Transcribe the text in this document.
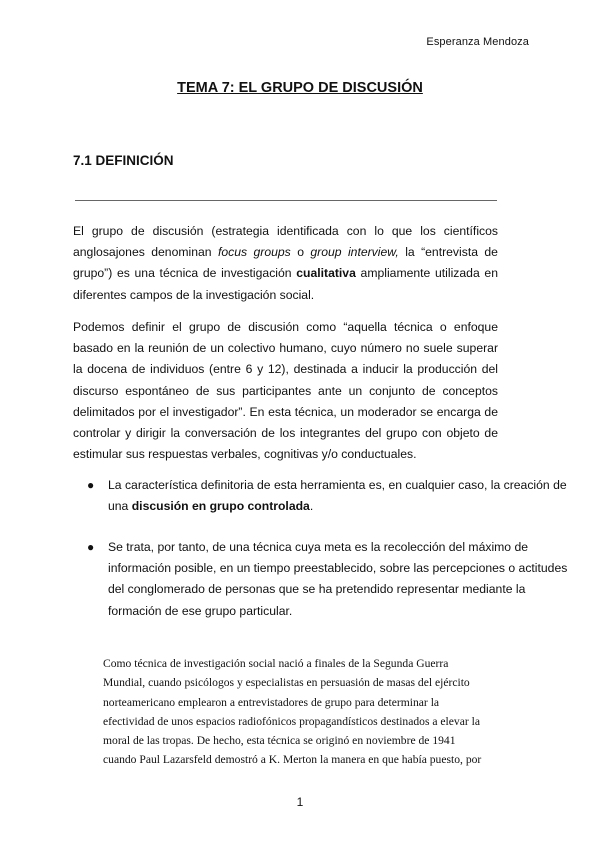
Esperanza Mendoza
TEMA 7: EL GRUPO DE DISCUSIÓN
7.1 DEFINICIÓN

El grupo de discusión (estrategia identificada con lo que los científicos anglosajones denominan focus groups o group interview, la “entrevista de grupo”) es una técnica de investigación cualitativa ampliamente utilizada en diferentes campos de la investigación social.

Podemos definir el grupo de discusión como “aquella técnica o enfoque basado en la reunión de un colectivo humano, cuyo número no suele superar la docena de individuos (entre 6 y 12), destinada a inducir la producción del discurso espontáneo de sus participantes ante un conjunto de conceptos delimitados por el investigador”. En esta técnica, un moderador se encarga de controlar y dirigir la conversación de los integrantes del grupo con objeto de estimular sus respuestas verbales, cognitivas y/o conductuales.

● La característica definitoria de esta herramienta es, en cualquier caso, la creación de una discusión en grupo controlada.
● Se trata, por tanto, de una técnica cuya meta es la recolección del máximo de información posible, en un tiempo preestablecido, sobre las percepciones o actitudes del conglomerado de personas que se ha pretendido representar mediante la formación de ese grupo particular.
Como técnica de investigación social nació a finales de la Segunda Guerra
Mundial, cuando psicólogos y especialistas en persuasión de masas del ejército
norteamericano emplearon a entrevistadores de grupo para determinar la
efectividad de unos espacios radiofónicos propagandísticos destinados a elevar la
moral de las tropas. De hecho, esta técnica se originó en noviembre de 1941
cuando Paul Lazarsfeld demostró a K. Merton la manera en que había puesto, por
1
